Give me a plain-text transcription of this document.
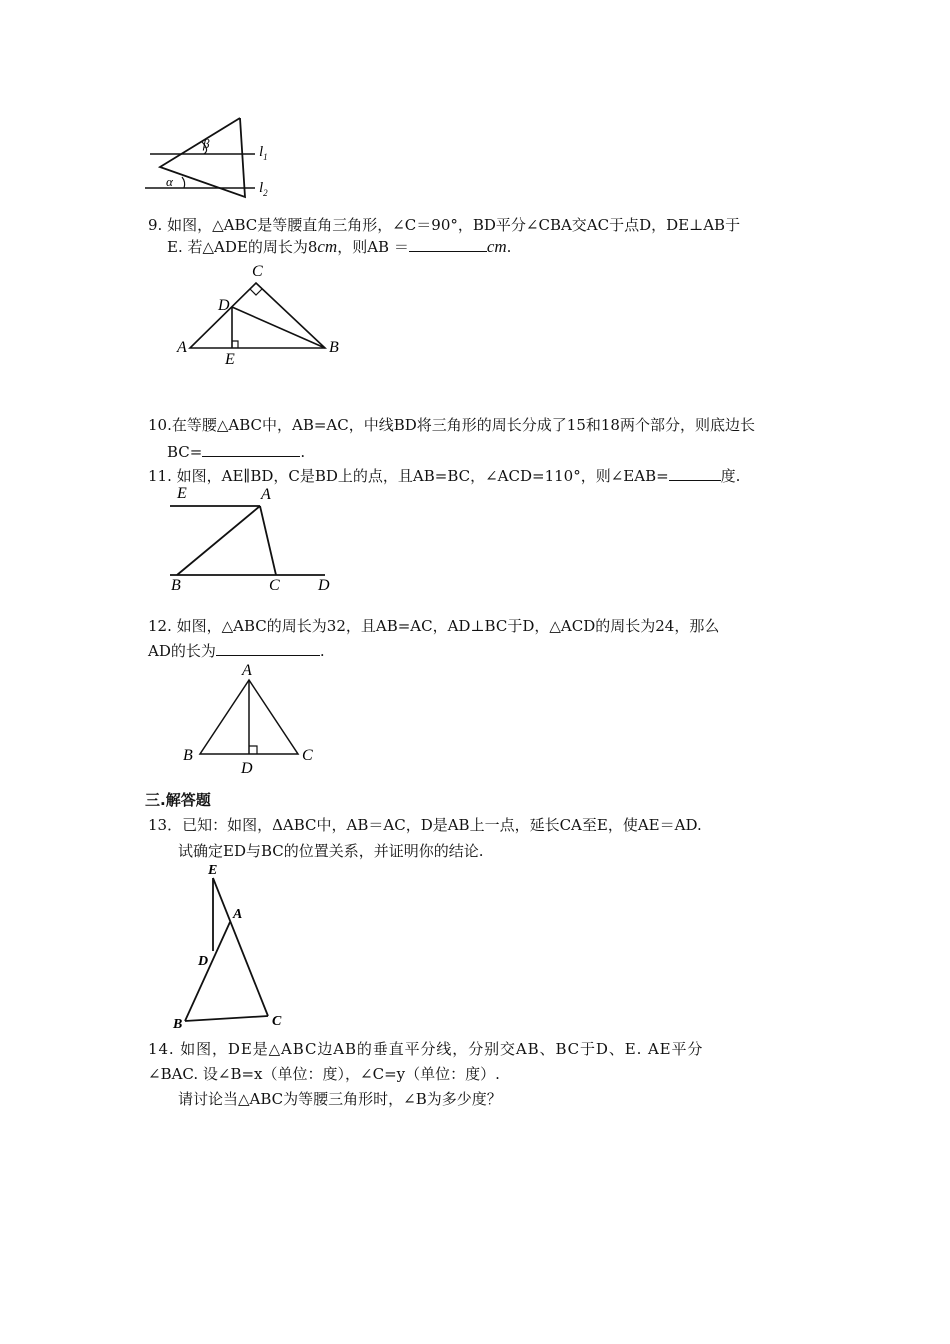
β
α
$l_1$
$l_2$
9. 如图，△ABC是等腰直角三角形，∠C＝90°，BD平分∠CBA交AC于点D，DE⊥AB于
E. 若△ADE的周长为8cm，则AB ＝	cm.
C
D
A
E
B
10.在等腰△ABC中，AB=AC，中线BD将三角形的周长分成了15和18两个部分，则底边长
BC=	.
11. 如图，AE∥BD，C是BD上的点，且AB=BC，∠ACD=110°，则∠EAB=	度.
E	A
B	C D
12. 如图，△ABC的周长为32，且AB=AC，AD⊥BC于D，△ACD的周长为24，那么
AD的长为	.
A
B	C
D
三.解答题
13．已知：如图，ΔABC中，AB＝AC，D是AB上一点，延长CA至E，使AE＝AD.
试确定ED与BC的位置关系，并证明你的结论.
E
A
D
B	C
14. 如图，DE是△ABC边AB的垂直平分线，分别交AB、BC于D、E. AE平分
∠BAC. 设∠B=x（单位：度），∠C=y（单位：度）.
请讨论当△ABC为等腰三角形时，∠B为多少度？
